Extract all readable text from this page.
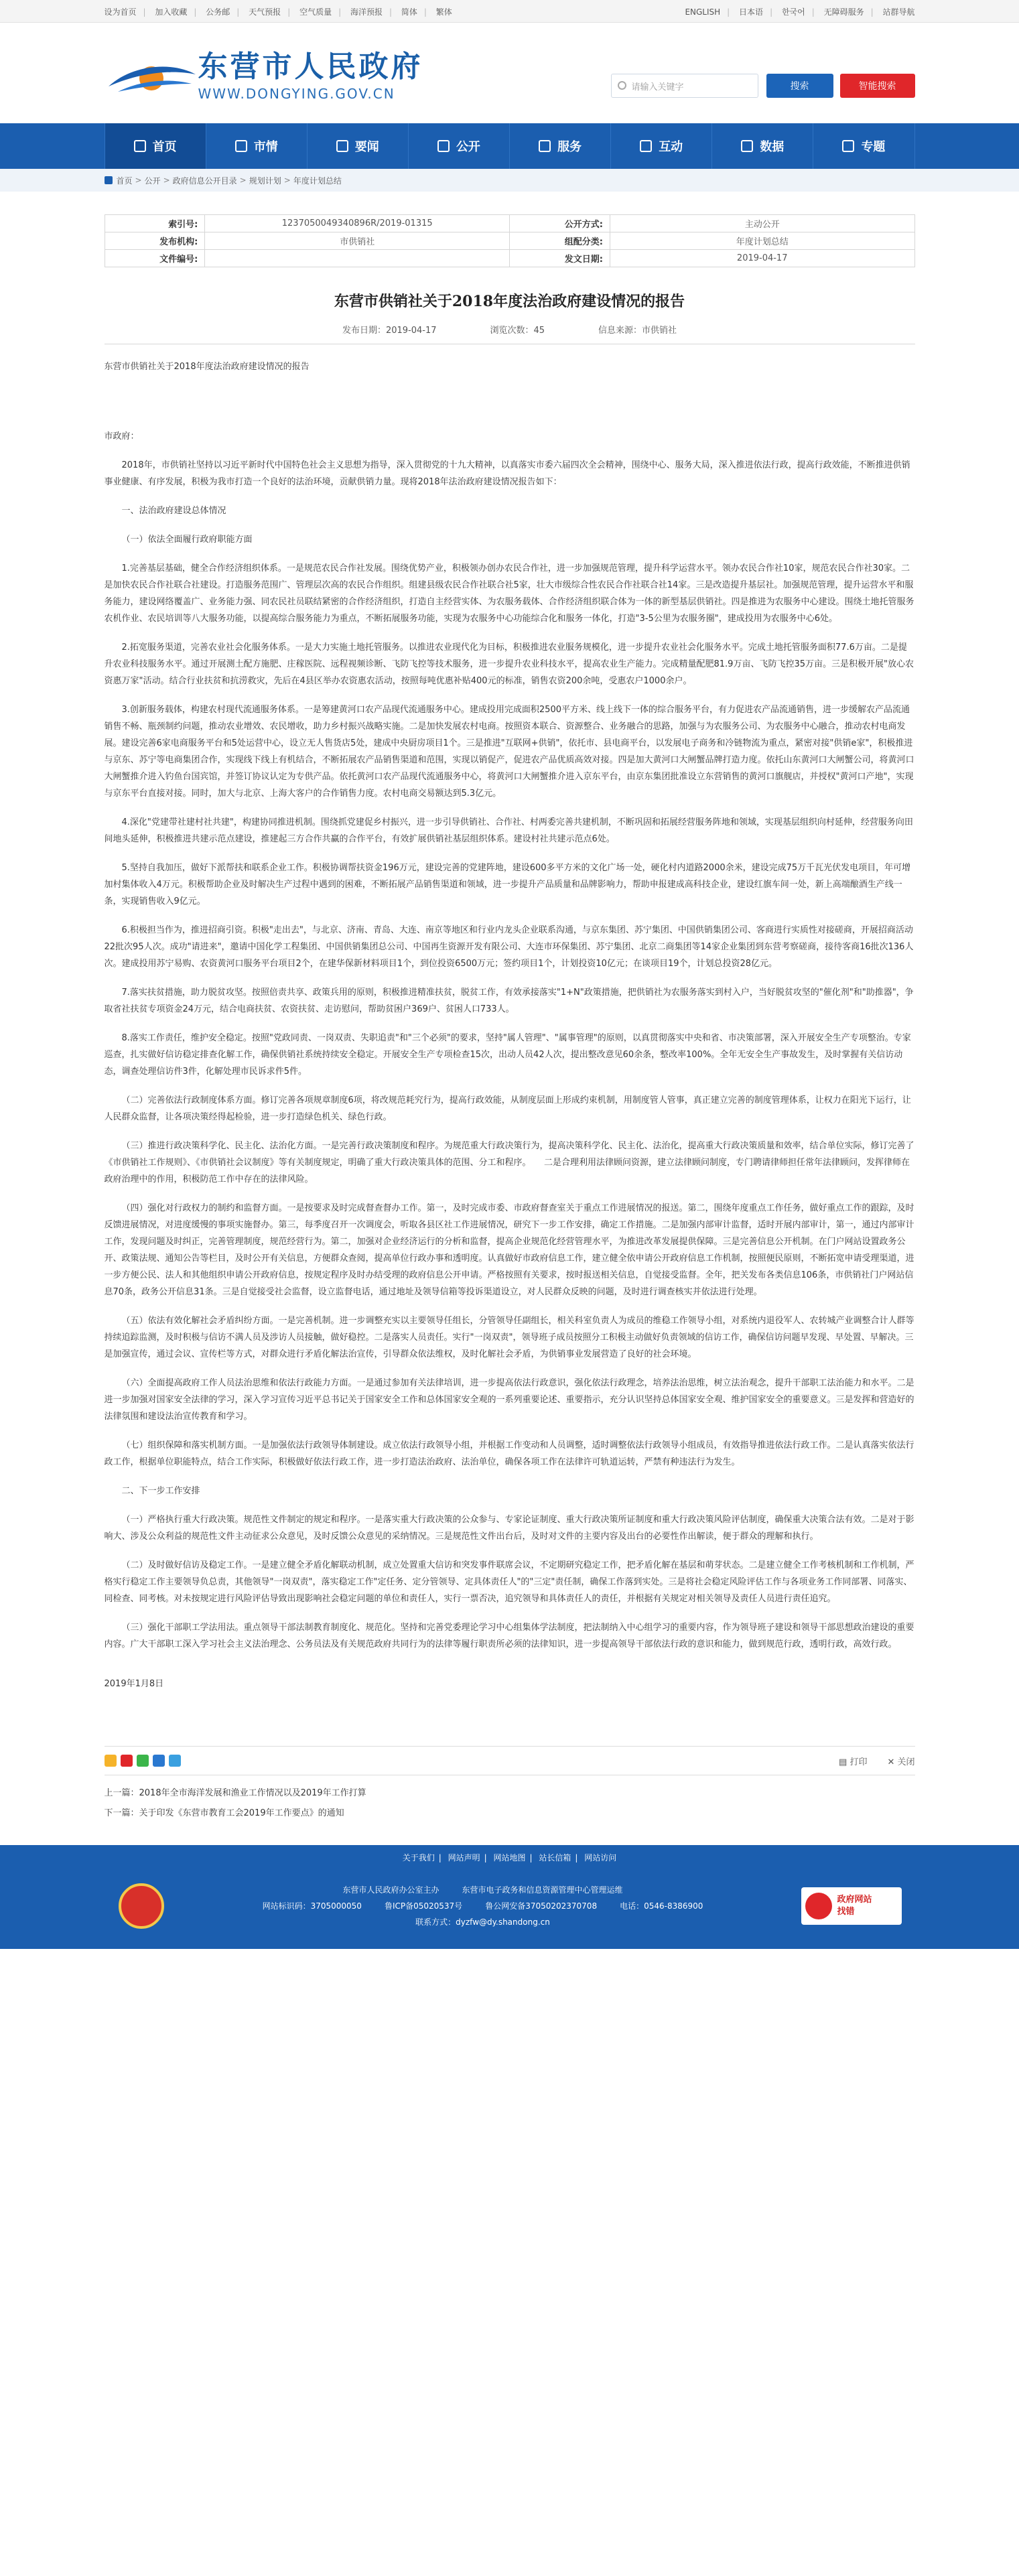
设为首页 | 加入收藏 | 公务邮 | 天气预报 | 空气质量 | 海洋预报 | 简体 | 繁体	ENGLISH | 日本语 | 한국어 | 无障碍服务 | 站群导航
东营市人民政府
WWW.DONGYING.GOV.CN	请输入关键字	搜索	智能搜索
首页	市情	要闻	公开	服务	互动	数据	专题
首页 > 公开 > 政府信息公开目录 > 规划计划 > 年度计划总结
索引号:	1237050049340896R/2019-01315	公开方式:	主动公开
发布机构:	市供销社	组配分类:	年度计划总结
文件编号:		发文日期:	2019-04-17
东营市供销社关于2018年度法治政府建设情况的报告
发布日期：2019-04-17	浏览次数：45	信息来源：市供销社
东营市供销社关于2018年度法治政府建设情况的报告

市政府：

2018年，市供销社坚持以习近平新时代中国特色社会主义思想为指导，深入贯彻党的十九大精神，以真落实市委六届四次全会精神，围绕中心、服务大局，深入推进依法行政，提高行政效能，不断推进供销事业健康、有序发展，积极为我市打造一个良好的法治环境，贡献供销力量。现将2018年法治政府建设情况报告如下：

一、法治政府建设总体情况

（一）依法全面履行政府职能方面

1.完善基层基础，健全合作经济组织体系。一是规范农民合作社发展。围绕优势产业，积极领办创办农民合作社，进一步加强规范管理，提升科学运营水平。领办农民合作社10家，规范农民合作社30家。二是加快农民合作社联合社建设。打造服务范围广、管理层次高的农民合作组织。组建县级农民合作社联合社5家，壮大市级综合性农民合作社联合社14家。三是改造提升基层社。加强规范管理，提升运营水平和服务能力，建设网络覆盖广、业务能力强、同农民社员联结紧密的合作经济组织，打造自主经营实体、为农服务载体、合作经济组织联合体为一体的新型基层供销社。四是推进为农服务中心建设。围绕土地托管服务农机作业、农民培训等八大服务功能，以提高综合服务能力为重点，不断拓展服务功能，实现为农服务中心功能综合化和服务一体化，打造"3-5公里为农服务圈"，建成投用为农服务中心6处。

2.拓宽服务渠道，完善农业社会化服务体系。一是大力实施土地托管服务。以推进农业现代化为目标，积极推进农业服务规模化，进一步提升农业社会化服务水平。完成土地托管服务面积77.6万亩。二是提升农业科技服务水平。通过开展测土配方施肥、庄稼医院、远程视频诊断、飞防飞控等技术服务，进一步提升农业科技水平，提高农业生产能力。完成精量配肥81.9万亩、飞防飞控35万亩。三是积极开展"放心农资惠万家"活动。结合行业扶贫和抗涝救灾，先后在4县区举办农资惠农活动，按照每吨优惠补贴400元的标准，销售农资200余吨，受惠农户1000余户。

3.创新服务载体，构建农村现代流通服务体系。一是筹建黄河口农产品现代流通服务中心。建成投用完成面积2500平方米、线上线下一体的综合服务平台，有力促进农产品流通销售，进一步缓解农产品流通销售不畅、瓶颈制约问题，推动农业增效、农民增收，助力乡村振兴战略实施。二是加快发展农村电商。按照资本联合、资源整合、业务融合的思路，加强与为农服务公司、为农服务中心融合，推动农村电商发展。建设完善6家电商服务平台和5处运营中心，设立无人售货店5处，建成中央厨房项目1个。三是推进"互联网+供销"，依托市、县电商平台，以发展电子商务和冷链物流为重点，紧密对接"供销e家"，积极推进与京东、苏宁等电商集团合作，实现线下线上有机结合，不断拓展农产品销售渠道和范围，实现以销促产，促进农产品优质高效对接。四是加大黄河口大闸蟹品牌打造力度。依托山东黄河口大闸蟹公司，将黄河口大闸蟹推介进入钓鱼台国宾馆，并签订协议认定为专供产品。依托黄河口农产品现代流通服务中心，将黄河口大闸蟹推介进入京东平台，由京东集团批准设立东营销售的黄河口旗舰店，并授权"黄河口产地"，实现与京东平台直接对接。同时，加大与北京、上海大客户的合作销售力度。农村电商交易额达到5.3亿元。

4.深化"党建带社建村社共建"，构建协同推进机制。围绕抓党建促乡村振兴，进一步引导供销社、合作社、村两委完善共建机制，不断巩固和拓展经营服务阵地和领域，实现基层组织向村延伸，经营服务向田间地头延伸，积极推进共建示范点建设，推建起三方合作共赢的合作平台，有效扩展供销社基层组织体系。建设村社共建示范点6处。

5.坚持自我加压，做好下派帮扶和联系企业工作。积极协调帮扶资金196万元，建设完善的党建阵地，建设600多平方米的文化广场一处，硬化村内道路2000余米，建设完成75万千瓦光伏发电项目，年可增加村集体收入4万元。积极帮助企业及时解决生产过程中遇到的困难，不断拓展产品销售渠道和领域，进一步提升产品质量和品牌影响力，帮助申报建成高科技企业，建设红旗车间一处，新上高端酿酒生产线一条，实现销售收入9亿元。

6.积极担当作为，推进招商引资。积极"走出去"，与北京、济南、青岛、大连、南京等地区和行业内龙头企业联系沟通，与京东集团、苏宁集团、中国供销集团公司、客商进行实质性对接磋商，开展招商活动22批次95人次。成功"请进来"，邀请中国化学工程集团、中国供销集团总公司、中国再生资源开发有限公司、大连市环保集团、苏宁集团、北京二商集团等14家企业集团到东营考察磋商，接待客商16批次136人次。建成投用苏宁易购、农资黄河口服务平台项目2个，在建华保新材料项目1个，到位投资6500万元；签约项目1个，计划投资10亿元；在谈项目19个，计划总投资28亿元。

7.落实扶贫措施，助力脱贫攻坚。按照倍责共享、政策兵用的原则，积极推进精准扶贫，脱贫工作，有效承接落实"1+N"政策措施，把供销社为农服务落实到村入户，当好脱贫攻坚的"催化剂"和"助推器"，争取省社扶贫专项资金24万元，结合电商扶贫、农资扶贫、走访慰问，帮助贫困户369户、贫困人口733人。

8.落实工作责任，维护安全稳定。按照"党政同责、一岗双责、失职追责"和"三个必须"的要求，坚持"属人管理"、"属事管理"的原则，以真贯彻落实中央和省、市决策部署，深入开展安全生产专项整治。专家巡查，扎实做好信访稳定排查化解工作，确保供销社系统持续安全稳定。开展安全生产专项检查15次，出动人员42人次，提出整改意见60余条，整改率100%。全年无安全生产事故发生，及时掌握有关信访动态，调查处理信访件3件，化解处理市民诉求件5件。

（二）完善依法行政制度体系方面。修订完善各项规章制度6项，将改规范耗究行为，提高行政效能，从制度层面上形成约束机制，用制度管人管事，真正建立完善的制度管理体系，让权力在阳光下运行，让人民群众监督，让各项决策经得起检验，进一步打造绿色机关、绿色行政。

（三）推进行政决策科学化、民主化、法治化方面。一是完善行政决策制度和程序。为规范重大行政决策行为，提高决策科学化、民主化、法治化，提高重大行政决策质量和效率，结合单位实际，修订完善了《市供销社工作规则》、《市供销社会议制度》等有关制度规定，明确了重大行政决策具体的范围、分工和程序。　　二是合理利用法律顾问资源，建立法律顾问制度，专门聘请律师担任常年法律顾问，发挥律师在政府治理中的作用，积极防范工作中存在的法律风险。

（四）强化对行政权力的制约和监督方面。一是按要求及时完成督查督办工作。第一，及时完成市委、市政府督查室关于重点工作进展情况的报送。第二，围绕年度重点工作任务，做好重点工作的跟踪，及时反馈进展情况，对进度缓慢的事项实施督办。第三，每季度召开一次调度会，听取各县区社工作进展情况，研究下一步工作安排，确定工作措施。二是加强内部审计监督，适时开展内部审计，第一，通过内部审计工作，发现问题及时纠正，完善管理制度，规范经营行为。第二，加强对企业经济运行的分析和监督，提高企业规范化经营管理水平，为推进改革发展提供保障。三是完善信息公开机制。在门户网站设置政务公开、政策法规、通知公告等栏目，及时公开有关信息，方便群众查阅，提高单位行政办事和透明度。认真做好市政府信息工作，建立健全依申请公开政府信息工作机制，按照便民原则，不断拓宽申请受理渠道，进一步方便公民、法人和其他组织申请公开政府信息，按规定程序及时办结受理的政府信息公开申请。严格按照有关要求，按时报送相关信息，自觉接受监督。全年，把关发布各类信息106条，市供销社门户网站信息70条，政务公开信息31条。三是自觉接受社会监督，设立监督电话，通过地址及领导信箱等投诉渠道设立，对人民群众反映的问题，及时进行调查核实并依法进行处理。

（五）依法有效化解社会矛盾纠纷方面。一是完善机制。进一步调整充实以主要领导任组长，分管领导任副组长，相关科室负责人为成员的维稳工作领导小组，对系统内退役军人、农转城产业调整合计人群等持续追踪监测，及时积极与信访不满人员及涉访人员接触，做好稳控。二是落实人员责任。实行"一岗双责"，领导班子成员按照分工积极主动做好负责领域的信访工作，确保信访问题早发现、早处置、早解决。三是加强宣传，通过会议、宣传栏等方式，对群众进行矛盾化解法治宣传，引导群众依法维权，及时化解社会矛盾，为供销事业发展营造了良好的社会环境。

（六）全面提高政府工作人员法治思维和依法行政能力方面。一是通过参加有关法律培训，进一步提高依法行政意识，强化依法行政理念，培养法治思维，树立法治观念，提升干部职工法治能力和水平。二是进一步加强对国家安全法律的学习，深入学习宣传习近平总书记关于国家安全工作和总体国家安全观的一系列重要论述、重要指示，充分认识坚持总体国家安全观、维护国家安全的重要意义。三是发挥和营造好的法律氛围和建设法治宣传教育和学习。

（七）组织保障和落实机制方面。一是加强依法行政领导体制建设。成立依法行政领导小组，并根据工作变动和人员调整，适时调整依法行政领导小组成员，有效指导推进依法行政工作。二是认真落实依法行政工作，根据单位职能特点，结合工作实际，积极做好依法行政工作，进一步打造法治政府、法治单位，确保各项工作在法律许可轨道运转，严禁有种违法行为发生。

二、下一步工作安排

（一）严格执行重大行政决策。规范性文件制定的规定和程序。一是落实重大行政决策的公众参与、专家论证制度、重大行政决策所证制度和重大行政决策风险评估制度，确保重大决策合法有效。二是对于影响大、涉及公众利益的规范性文件主动征求公众意见，及时反馈公众意见的采纳情况。三是规范性文件出台后，及时对文件的主要内容及出台的必要性作出解读，便于群众的理解和执行。

（二）及时做好信访及稳定工作。一是建立健全矛盾化解联动机制，成立处置重大信访和突发事件联席会议，不定期研究稳定工作，把矛盾化解在基层和萌芽状态。二是建立健全工作考核机制和工作机制，严格实行稳定工作主要领导负总责，其他领导"一岗双责"，落实稳定工作"定任务、定分管领导、定具体责任人"的"三定"责任制，确保工作落到实处。三是将社会稳定风险评估工作与各项业务工作同部署、同落实、同检查、同考核。对未按规定进行风险评估导致出现影响社会稳定问题的单位和责任人，实行一票否决，追究领导和具体责任人的责任，并根据有关规定对相关领导及责任人员进行责任追究。

（三）强化干部职工学法用法。重点领导干部法制教育制度化、规范化。坚持和完善党委理论学习中心组集体学法制度，把法制纳入中心组学习的重要内容，作为领导班子建设和领导干部思想政治建设的重要内容。广大干部职工深入学习社会主义法治理念、公务员法及有关规范政府共同行为的法律等履行职责所必须的法律知识，进一步提高领导干部依法行政的意识和能力，做到规范行政，透明行政，高效行政。

2019年1月8日

▤ 打印 ✕ 关闭
上一篇：2018年全市海洋发展和渔业工作情况以及2019年工作打算
下一篇：关于印发《东营市教育工会2019年工作要点》的通知
关于我们 | 网站声明 | 网站地图 | 站长信箱 | 网站访问
东营市人民政府办公室主办	东营市电子政务和信息资源管理中心管理运维
网站标识码：3705000050	鲁ICP备05020537号	鲁公网安备37050202370708	电话：0546-8386900
联系方式：dyzfw@dy.shandong.cn
政府网站
找错
